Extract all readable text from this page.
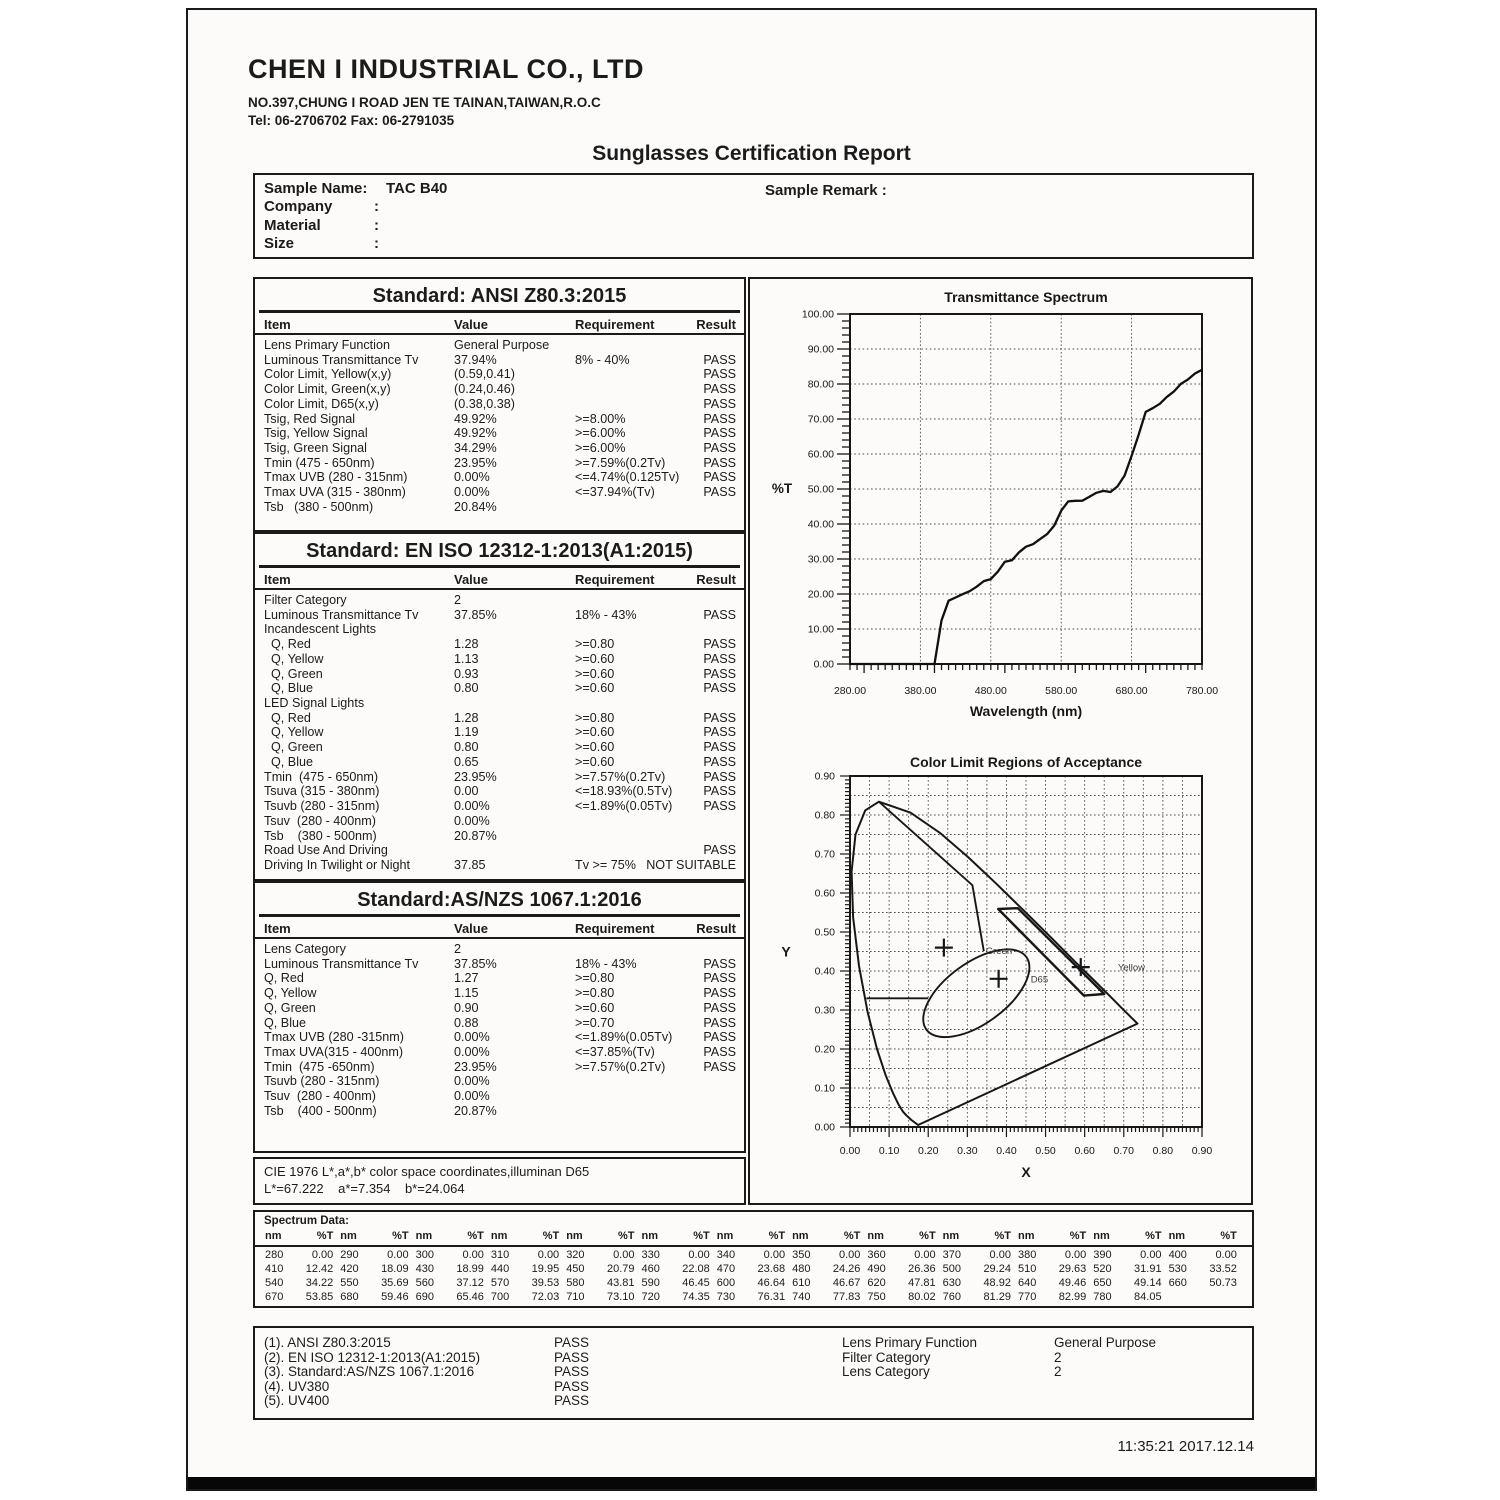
CHEN I INDUSTRIAL CO., LTD
NO.397,CHUNG I ROAD JEN TE TAINAN,TAIWAN,R.O.C
Tel: 06-2706702 Fax: 06-2791035
Sunglasses Certification Report
Sample Name: TAC B40
Company	:
Material	:
Size	:
Sample Remark :
Standard: ANSI Z80.3:2015
Item	Value	Requirement	Result
Lens Primary Function	General Purpose
Luminous Transmittance Tv	37.94%	8% - 40%	PASS
Color Limit, Yellow(x,y)	(0.59,0.41)	PASS
Color Limit, Green(x,y)	(0.24,0.46)	PASS
Color Limit, D65(x,y)	(0.38,0.38)	PASS
Tsig, Red Signal	49.92%	>=8.00%	PASS
Tsig, Yellow Signal	49.92%	>=6.00%	PASS
Tsig, Green Signal	34.29%	>=6.00%	PASS
Tmin (475 - 650nm)	23.95%	>=7.59%(0.2Tv)	PASS
Tmax UVB (280 - 315nm)	0.00%	<=4.74%(0.125Tv) PASS
Tmax UVA (315 - 380nm)	0.00%	<=37.94%(Tv)	PASS
Tsb   (380 - 500nm)	20.84%
Standard: EN ISO 12312-1:2013(A1:2015)
Item	Value	Requirement	Result
Filter Category	2
Luminous Transmittance Tv	37.85%	18% - 43%	PASS
Incandescent Lights
Q, Red	1.28	>=0.80	PASS
Q, Yellow	1.13	>=0.60	PASS
Q, Green	0.93	>=0.60	PASS
Q, Blue	0.80	>=0.60	PASS
LED Signal Lights
Q, Red	1.28	>=0.80	PASS
Q, Yellow	1.19	>=0.60	PASS
Q, Green	0.80	>=0.60	PASS
Q, Blue	0.65	>=0.60	PASS
Tmin  (475 - 650nm)	23.95%	>=7.57%(0.2Tv)	PASS
Tsuva (315 - 380nm)	0.00	<=18.93%(0.5Tv) PASS
Tsuvb (280 - 315nm)	0.00%	<=1.89%(0.05Tv) PASS
Tsuv  (280 - 400nm)	0.00%
Tsb    (380 - 500nm)	20.87%
Road Use And Driving	PASS
Driving In Twilight or Night	37.85	Tv >= 75% NOT SUITABLE
Standard:AS/NZS 1067.1:2016
Item	Value	Requirement	Result
Lens Category	2
Luminous Transmittance Tv	37.85%	18% - 43%	PASS
Q, Red	1.27	>=0.80	PASS
Q, Yellow	1.15	>=0.80	PASS
Q, Green	0.90	>=0.60	PASS
Q, Blue	0.88	>=0.70	PASS
Tmax UVB (280 -315nm)	0.00%	<=1.89%(0.05Tv) PASS
Tmax UVA(315 - 400nm)	0.00%	<=37.85%(Tv)	PASS
Tmin  (475 -650nm)	23.95%	>=7.57%(0.2Tv)	PASS
Tsuvb (280 - 315nm)	0.00%
Tsuv  (280 - 400nm)	0.00%
Tsb    (400 - 500nm)	20.87%
CIE 1976 L*,a*,b* color space coordinates,illuminan D65
L*=67.222    a*=7.354    b*=24.064
0.00
10.00
20.00
30.00
40.00
50.00
60.00
70.00
80.00
90.00
100.00
280.00	380.00	480.00	580.00	680.00	780.00
Transmittance Spectrum
%T
Wavelength (nm)
0.00
0.00
0.10
0.10
0.20
0.20
0.30
0.30
0.40
0.40
0.50
0.50
0.60
0.60
0.70
0.70
0.80
0.80
0.90
0.90
Color Limit Regions of Acceptance
Y
X
Green
D65
Yellow
Spectrum Data:
nm	%T nm	%T nm	%T nm	%T nm	%T nm	%T nm	%T nm	%T nm	%T nm	%T nm	%T nm	%T nm	%T
280	0.00 290	0.00 300	0.00 310	0.00 320	0.00 330	0.00 340	0.00 350	0.00 360	0.00 370	0.00 380	0.00 390	0.00 400	0.00
410	12.42 420	18.09 430	18.99 440	19.95 450	20.79 460	22.08 470	23.68 480	24.26 490	26.36 500	29.24 510	29.63 520	31.91 530	33.52
540	34.22 550	35.69 560	37.12 570	39.53 580	43.81 590	46.45 600	46.64 610	46.67 620	47.81 630	48.92 640	49.46 650	49.14 660	50.73
670	53.85 680	59.46 690	65.46 700	72.03 710	73.10 720	74.35 730	76.31 740	77.83 750	80.02 760	81.29 770	82.99 780	84.05
(1). ANSI Z80.3:2015	PASS
(2). EN ISO 12312-1:2013(A1:2015)	PASS
(3). Standard:AS/NZS 1067.1:2016	PASS
(4). UV380	PASS
(5). UV400	PASS
Lens Primary Function	General Purpose
Filter Category	2
Lens Category	2
11:35:21 2017.12.14
